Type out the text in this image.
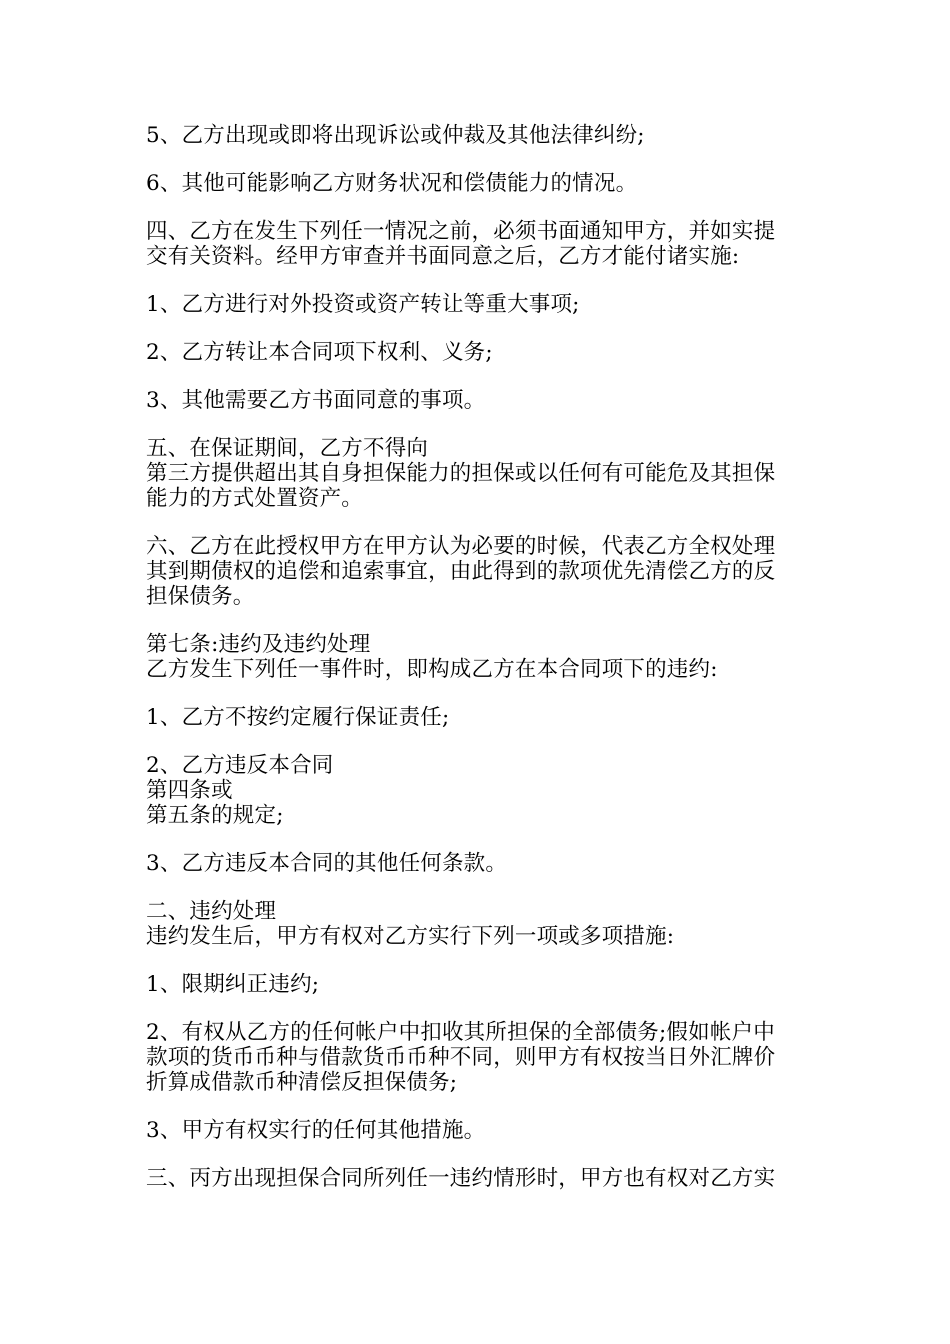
5、乙方出现或即将出现诉讼或仲裁及其他法律纠纷;
6、其他可能影响乙方财务状况和偿债能力的情况。
四、乙方在发生下列任一情况之前，必须书面通知甲方，并如实提
交有关资料。经甲方审查并书面同意之后，乙方才能付诸实施:
1、乙方进行对外投资或资产转让等重大事项;
2、乙方转让本合同项下权利、义务;
3、其他需要乙方书面同意的事项。
五、在保证期间，乙方不得向
第三方提供超出其自身担保能力的担保或以任何有可能危及其担保
能力的方式处置资产。
六、乙方在此授权甲方在甲方认为必要的时候，代表乙方全权处理
其到期债权的追偿和追索事宜，由此得到的款项优先清偿乙方的反
担保债务。
第七条:违约及违约处理
乙方发生下列任一事件时，即构成乙方在本合同项下的违约:
1、乙方不按约定履行保证责任;
2、乙方违反本合同
第四条或
第五条的规定;
3、乙方违反本合同的其他任何条款。
二、违约处理
违约发生后，甲方有权对乙方实行下列一项或多项措施:
1、限期纠正违约;
2、有权从乙方的任何帐户中扣收其所担保的全部债务;假如帐户中
款项的货币币种与借款货币币种不同，则甲方有权按当日外汇牌价
折算成借款币种清偿反担保债务;
3、甲方有权实行的任何其他措施。
三、丙方出现担保合同所列任一违约情形时，甲方也有权对乙方实
